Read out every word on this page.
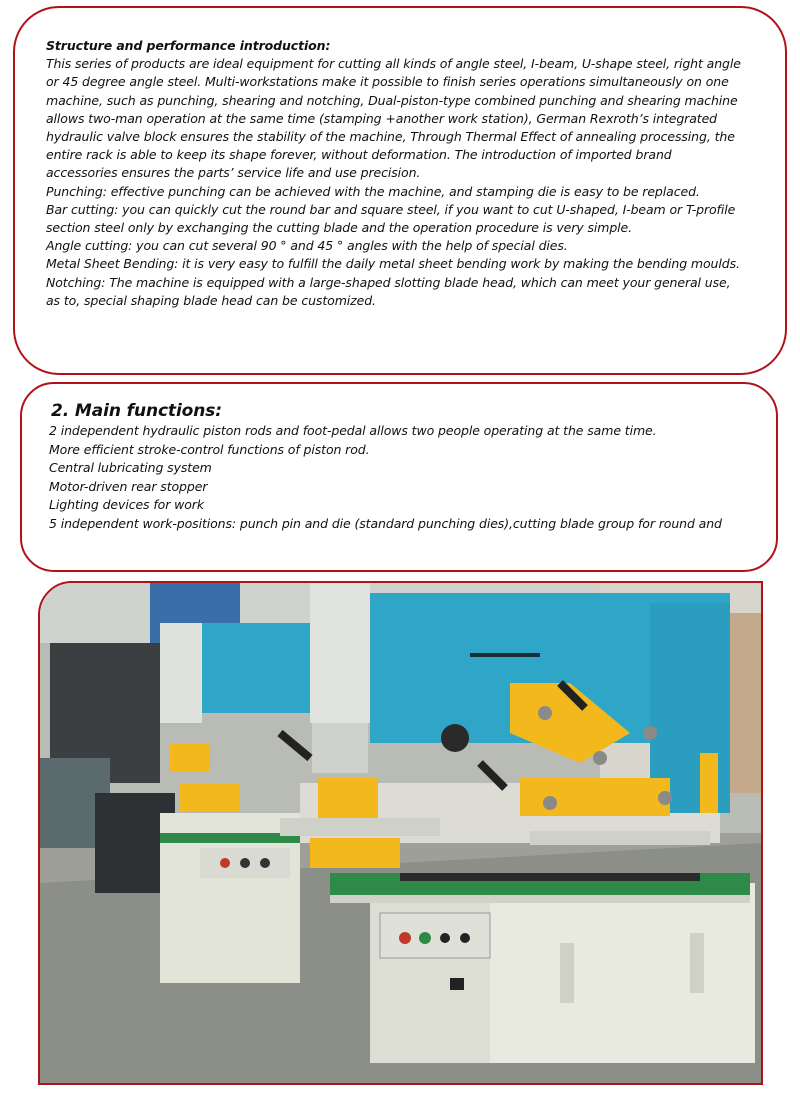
Structure and performance introduction:
This series of products are ideal equipment for cutting all kinds of angle steel, I-beam, U-shape steel, right angle
or 45 degree angle steel. Multi-workstations make it possible to finish series operations simultaneously on one
machine, such as punching, shearing and notching, Dual-piston-type combined punching and shearing machine
allows two-man operation at the same time (stamping +another work station), German Rexroth’s integrated
hydraulic valve block ensures the stability of the machine, Through Thermal Effect of annealing processing, the
entire rack is able to keep its shape forever, without deformation. The introduction of imported brand
accessories ensures the parts’ service life and use precision.
Punching: effective punching can be achieved with the machine, and stamping die is easy to be replaced.
Bar cutting: you can quickly cut the round bar and square steel, if you want to cut U-shaped, I-beam or T-profile
section steel only by exchanging the cutting blade and the operation procedure is very simple.
Angle cutting: you can cut several 90 ° and 45 ° angles with the help of special dies.
Metal Sheet Bending: it is very easy to fulfill the daily metal sheet bending work by making the bending moulds.
Notching: The machine is equipped with a large-shaped slotting blade head, which can meet your general use,
as to, special shaping blade head can be customized.
2. Main functions:
2 independent hydraulic piston rods and foot-pedal allows two people operating at the same time.
More efficient stroke-control functions of piston rod.
Central lubricating system
Motor-driven rear stopper
Lighting devices for work
5 independent work-positions: punch pin and die (standard punching dies),cutting blade group for round and
